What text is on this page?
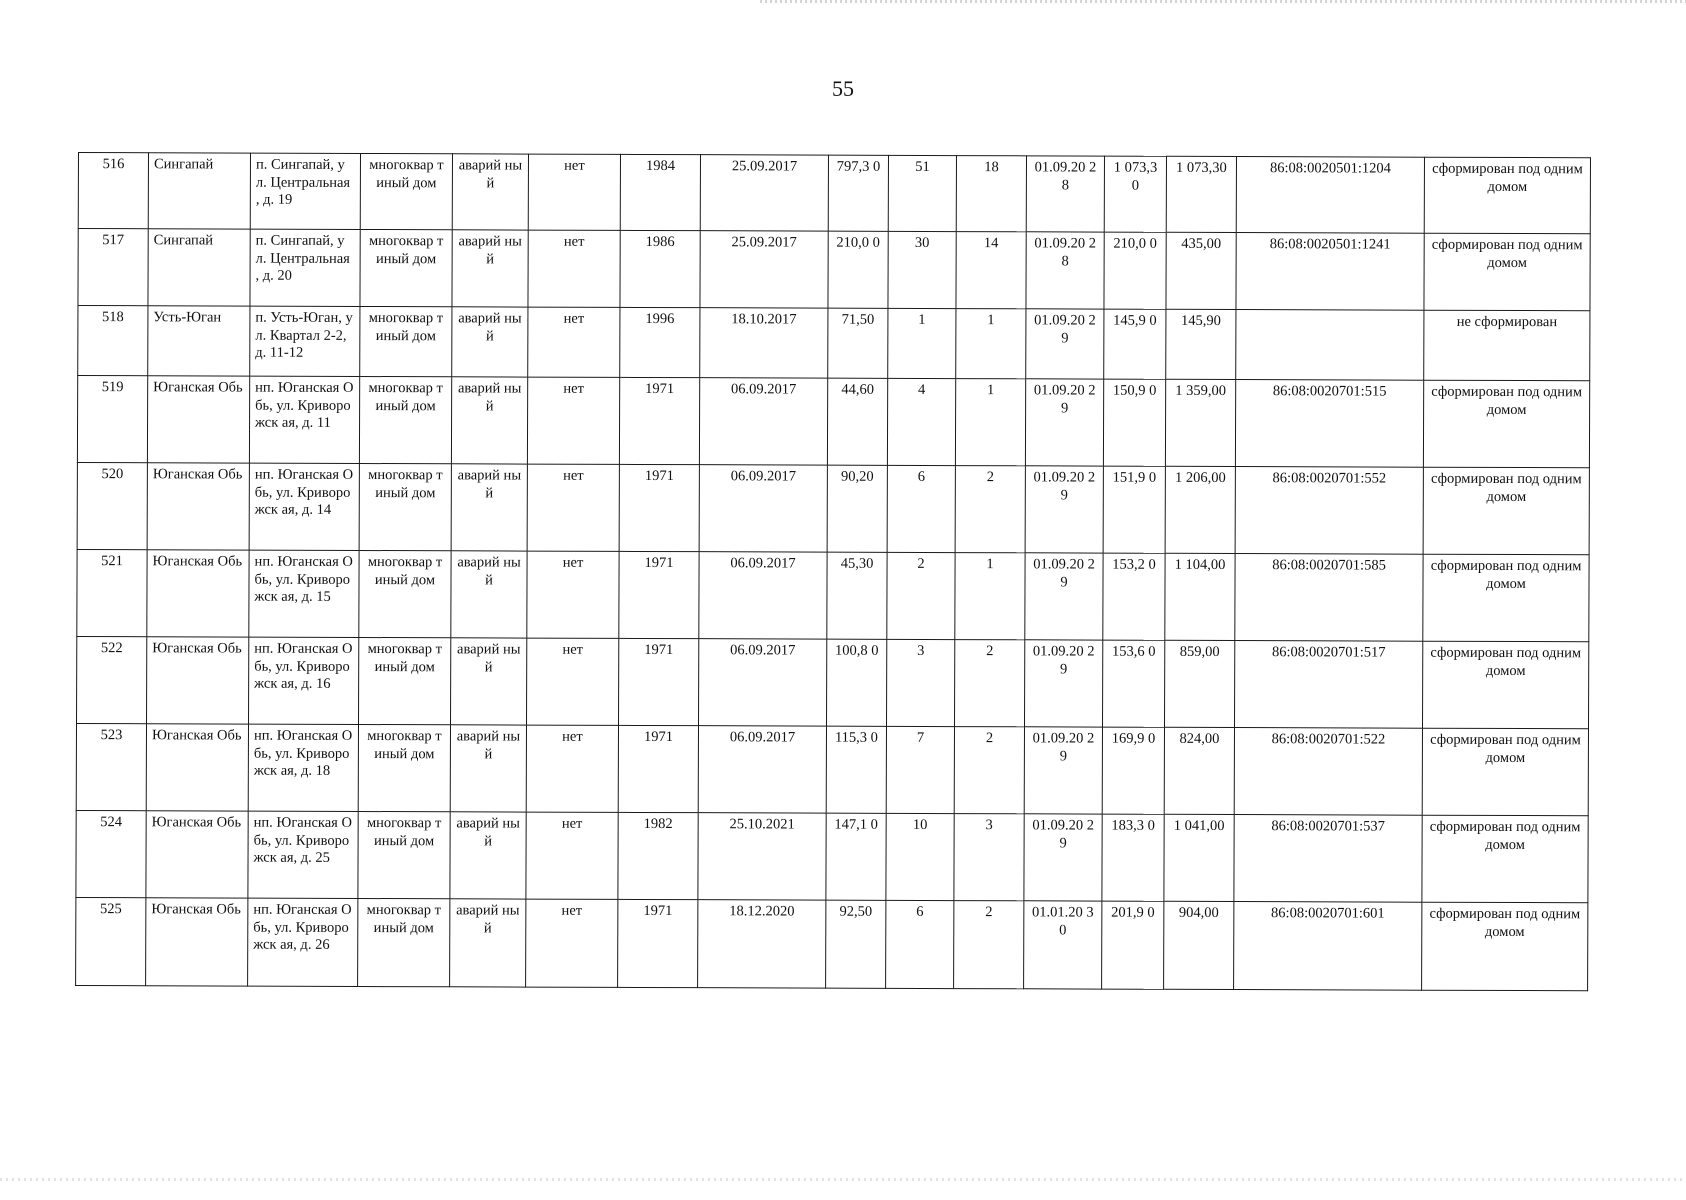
55
516	Сингапай	п. Сингапай, ул. Центральная , д. 19	многоквар тиный дом	аварий ный	нет	1984	25.09.2017	797,3 0	51	18	01.09.20 28	1 073,3 0	1 073,30	86:08:0020501:1204	сформирован под одним домом
517	Сингапай	п. Сингапай, ул. Центральная , д. 20	многоквар тиный дом	аварий ный	нет	1986	25.09.2017	210,0 0	30	14	01.09.20 28	210,0 0	435,00	86:08:0020501:1241	сформирован под одним домом
518	Усть-Юган	п. Усть-Юган, ул. Квартал 2-2, д. 11-12	многоквар тиный дом	аварий ный	нет	1996	18.10.2017	71,50	1	1	01.09.20 29	145,9 0	145,90		не сформирован
519	Юганская Обь	нп. Юганская Обь, ул. Криворожск ая, д. 11	многоквар тиный дом	аварий ный	нет	1971	06.09.2017	44,60	4	1	01.09.20 29	150,9 0	1 359,00	86:08:0020701:515	сформирован под одним домом
520	Юганская Обь	нп. Юганская Обь, ул. Криворожск ая, д. 14	многоквар тиный дом	аварий ный	нет	1971	06.09.2017	90,20	6	2	01.09.20 29	151,9 0	1 206,00	86:08:0020701:552	сформирован под одним домом
521	Юганская Обь	нп. Юганская Обь, ул. Криворожск ая, д. 15	многоквар тиный дом	аварий ный	нет	1971	06.09.2017	45,30	2	1	01.09.20 29	153,2 0	1 104,00	86:08:0020701:585	сформирован под одним домом
522	Юганская Обь	нп. Юганская Обь, ул. Криворожск ая, д. 16	многоквар тиный дом	аварий ный	нет	1971	06.09.2017	100,8 0	3	2	01.09.20 29	153,6 0	859,00	86:08:0020701:517	сформирован под одним домом
523	Юганская Обь	нп. Юганская Обь, ул. Криворожск ая, д. 18	многоквар тиный дом	аварий ный	нет	1971	06.09.2017	115,3 0	7	2	01.09.20 29	169,9 0	824,00	86:08:0020701:522	сформирован под одним домом
524	Юганская Обь	нп. Юганская Обь, ул. Криворожск ая, д. 25	многоквар тиный дом	аварий ный	нет	1982	25.10.2021	147,1 0	10	3	01.09.20 29	183,3 0	1 041,00	86:08:0020701:537	сформирован под одним домом
525	Юганская Обь	нп. Юганская Обь, ул. Криворожск ая, д. 26	многоквар тиный дом	аварий ный	нет	1971	18.12.2020	92,50	6	2	01.01.20 30	201,9 0	904,00	86:08:0020701:601	сформирован под одним домом
